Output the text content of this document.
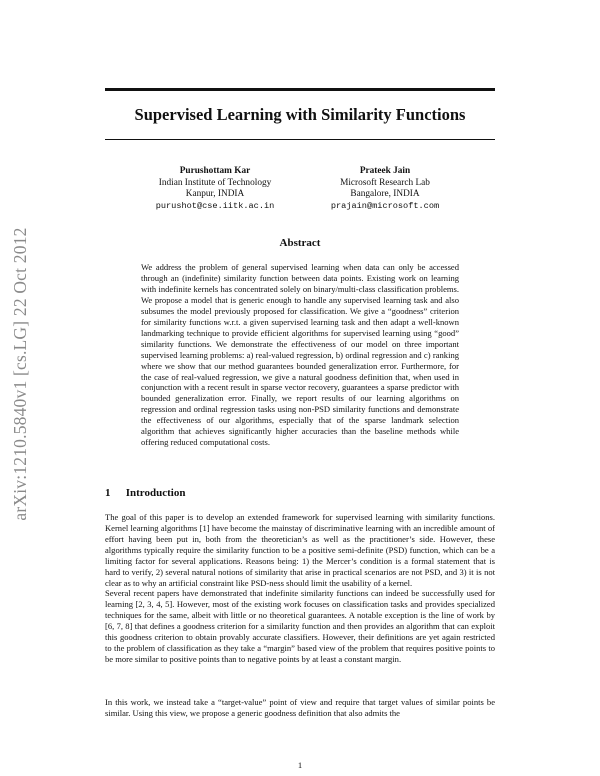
arXiv:1210.5840v1 [cs.LG] 22 Oct 2012
Supervised Learning with Similarity Functions
Purushottam Kar
Indian Institute of Technology
Kanpur, INDIA
purushot@cse.iitk.ac.in
Prateek Jain
Microsoft Research Lab
Bangalore, INDIA
prajain@microsoft.com
Abstract
We address the problem of general supervised learning when data can only be accessed through an (indefinite) similarity function between data points. Existing work on learning with indefinite kernels has concentrated solely on binary/multi-class classification problems. We propose a model that is generic enough to handle any supervised learning task and also subsumes the model previously proposed for classification. We give a “goodness” criterion for similarity functions w.r.t. a given supervised learning task and then adapt a well-known landmarking technique to provide efficient algorithms for supervised learning using “good” similarity functions. We demonstrate the effectiveness of our model on three important supervised learning problems: a) real-valued regression, b) ordinal regression and c) ranking where we show that our method guarantees bounded generalization error. Furthermore, for the case of real-valued regression, we give a natural goodness definition that, when used in conjunction with a recent result in sparse vector recovery, guarantees a sparse predictor with bounded generalization error. Finally, we report results of our learning algorithms on regression and ordinal regression tasks using non-PSD similarity functions and demonstrate the effectiveness of our algorithms, especially that of the sparse landmark selection algorithm that achieves significantly higher accuracies than the baseline methods while offering reduced computational costs.
1 Introduction
The goal of this paper is to develop an extended framework for supervised learning with similarity functions. Kernel learning algorithms [1] have become the mainstay of discriminative learning with an incredible amount of effort having been put in, both from the theoretician’s as well as the practitioner’s side. However, these algorithms typically require the similarity function to be a positive semi-definite (PSD) function, which can be a limiting factor for several applications. Reasons being: 1) the Mercer’s condition is a formal statement that is hard to verify, 2) several natural notions of similarity that arise in practical scenarios are not PSD, and 3) it is not clear as to why an artificial constraint like PSD-ness should limit the usability of a kernel.
Several recent papers have demonstrated that indefinite similarity functions can indeed be successfully used for learning [2, 3, 4, 5]. However, most of the existing work focuses on classification tasks and provides specialized techniques for the same, albeit with little or no theoretical guarantees. A notable exception is the line of work by [6, 7, 8] that defines a goodness criterion for a similarity function and then provides an algorithm that can exploit this goodness criterion to obtain provably accurate classifiers. However, their definitions are yet again restricted to the problem of classification as they take a “margin” based view of the problem that requires positive points to be more similar to positive points than to negative points by at least a constant margin.
In this work, we instead take a “target-value” point of view and require that target values of similar points be similar. Using this view, we propose a generic goodness definition that also admits the
1
